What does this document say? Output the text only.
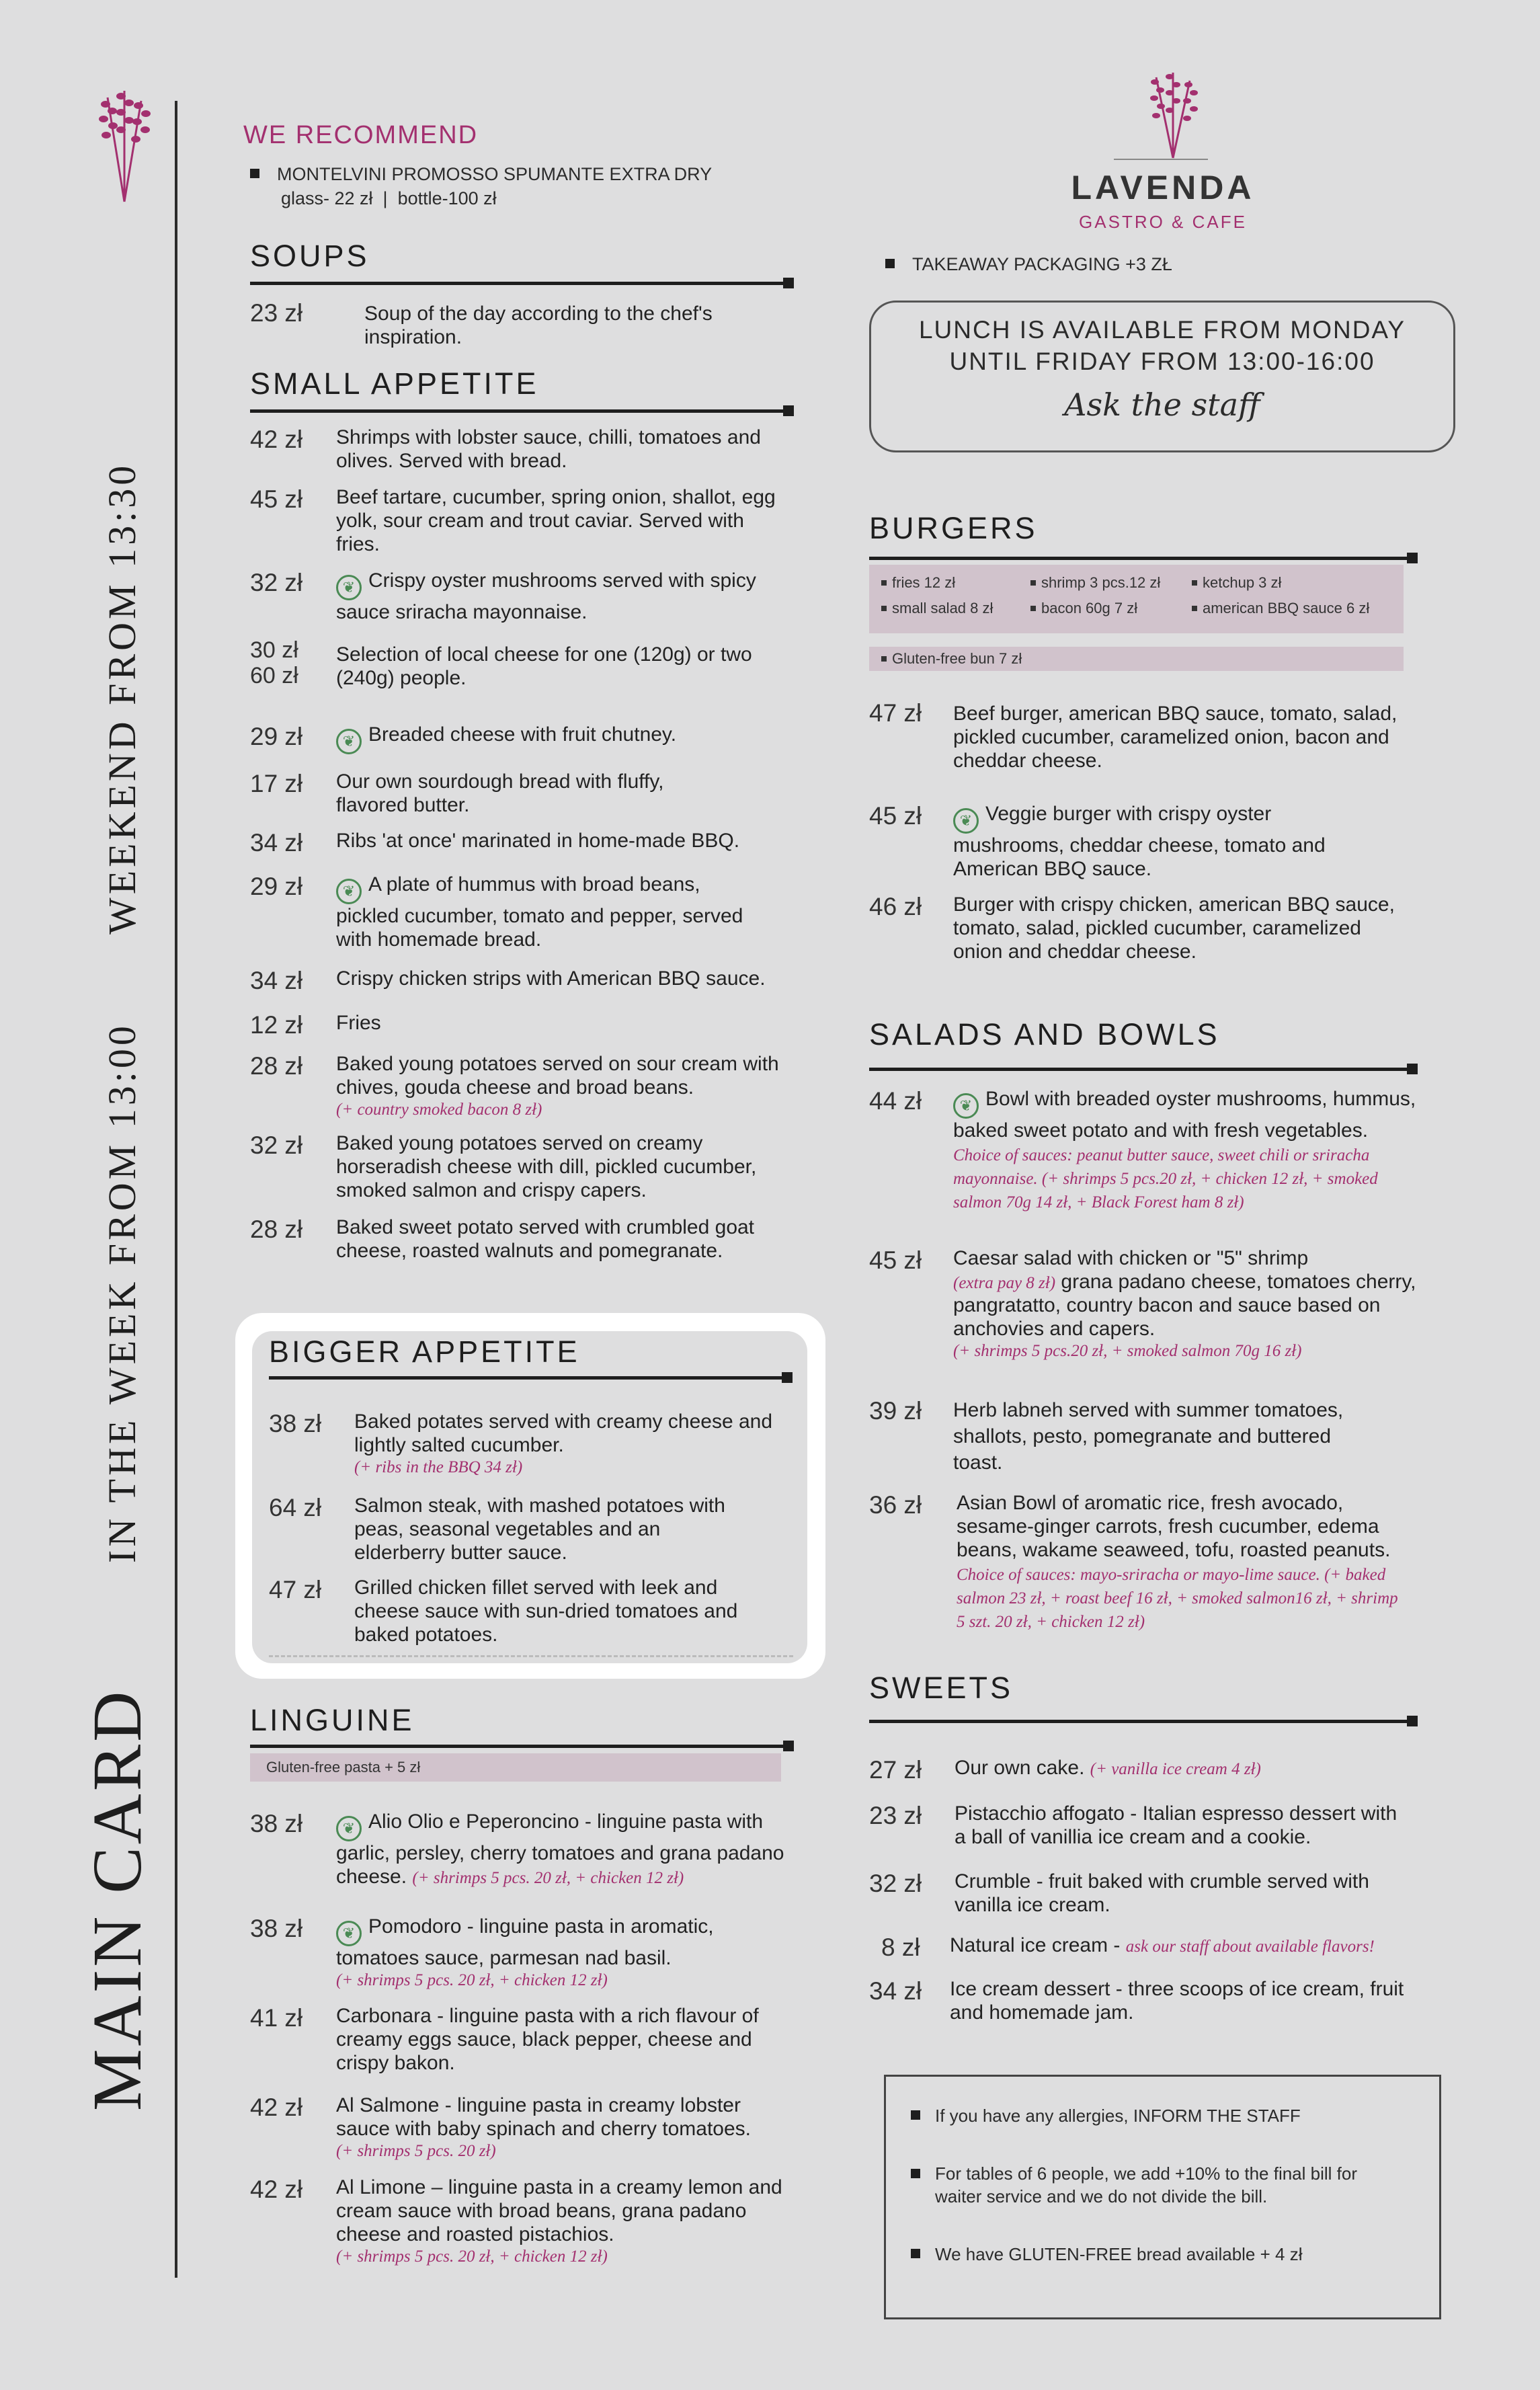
MAIN CARD
IN THE WEEK FROM 13:00
WEEKEND FROM 13:30
WE RECOMMEND
MONTELVINI PROMOSSO SPUMANTE EXTRA DRY
glass- 22 zł  |  bottle-100 zł
SOUPS
23 zł	Soup of the day according to the chef's inspiration.
SMALL APPETITE
42 zł Shrimps with lobster sauce, chilli, tomatoes and olives. Served with bread.
45 zł Beef tartare, cucumber, spring onion, shallot, egg yolk, sour cream and trout caviar. Served with fries.
32 zł	❦ Crispy oyster mushrooms served with spicy sauce sriracha mayonnaise.
30 zł
60 zł
Selection of local cheese for one (120g) or two (240g) people.
29 zł	❦ Breaded cheese with fruit chutney.
17 zł Our own sourdough bread with fluffy, flavored butter.
34 zł Ribs 'at once' marinated in home-made BBQ.
29 zł	❦ A plate of hummus with broad beans, pickled cucumber, tomato and pepper, served with homemade bread.
34 zł Crispy chicken strips with American BBQ sauce.
12 zł Fries
28 zł Baked young potatoes served on sour cream with chives, gouda cheese and broad beans.
(+ country smoked bacon 8 zł)
32 zł Baked young potatoes served on creamy horseradish cheese with dill, pickled cucumber, smoked salmon and crispy capers.
28 zł Baked sweet potato served with crumbled goat cheese, roasted walnuts and pomegranate.
BIGGER APPETITE
38 zł Baked potates served with creamy cheese and lightly salted cucumber.
(+ ribs in the BBQ 34 zł)
64 zł Salmon steak, with mashed potatoes with peas, seasonal vegetables and an elderberry butter sauce.
47 zł Grilled chicken fillet served with leek and cheese sauce with sun-dried tomatoes and baked potatoes.
LINGUINE
Gluten-free pasta + 5 zł
38 zł	❦ Alio Olio e Peperoncino - linguine pasta with garlic, persley, cherry tomatoes and grana padano cheese. (+ shrimps 5 pcs. 20 zł, + chicken 12 zł)
38 zł	❦ Pomodoro - linguine pasta in aromatic, tomatoes sauce, parmesan nad basil.
(+ shrimps 5 pcs. 20 zł, + chicken 12 zł)
41 zł Carbonara - linguine pasta with a rich flavour of creamy eggs sauce, black pepper, cheese and crispy bakon.
42 zł Al Salmone - linguine pasta in creamy lobster sauce with baby spinach and cherry tomatoes.
(+ shrimps 5 pcs. 20 zł)
42 zł Al Limone – linguine pasta in a creamy lemon and cream sauce with broad beans, grana padano cheese and roasted pistachios.
(+ shrimps 5 pcs. 20 zł, + chicken 12 zł)
LAVENDA
GASTRO & CAFE
TAKEAWAY PACKAGING +3 ZŁ
LUNCH IS AVAILABLE FROM MONDAY
UNTIL FRIDAY FROM 13:00-16:00
Ask the staff
BURGERS
fries 12 zł	shrimp 3 pcs.12 zł	ketchup 3 zł
small salad 8 zł	bacon 60g 7 zł	american BBQ sauce 6 zł
Gluten-free bun 7 zł
47 zł Beef burger, american BBQ sauce, tomato, salad, pickled cucumber, caramelized onion, bacon and cheddar cheese.
45 zł	❦ Veggie burger with crispy oyster mushrooms, cheddar cheese, tomato and American BBQ sauce.
46 zł Burger with crispy chicken, american BBQ sauce, tomato, salad, pickled cucumber, caramelized onion and cheddar cheese.
SALADS AND BOWLS
44 zł	❦ Bowl with breaded oyster mushrooms, hummus, baked sweet potato and with fresh vegetables. Choice of sauces: peanut butter sauce, sweet chili or sriracha mayonnaise. (+ shrimps 5 pcs.20 zł, + chicken 12 zł, + smoked salmon 70g 14 zł, + Black Forest ham 8 zł)
45 zł Caesar salad with chicken or "5" shrimp
(extra pay 8 zł) grana padano cheese, tomatoes cherry, pangratatto, country bacon and sauce based on anchovies and capers.
(+ shrimps 5 pcs.20 zł, + smoked salmon 70g 16 zł)
39 zł Herb labneh served with summer tomatoes, shallots, pesto, pomegranate and buttered toast.
36 zł Asian Bowl of aromatic rice, fresh avocado, sesame-ginger carrots, fresh cucumber, edema beans, wakame seaweed, tofu, roasted peanuts. Choice of sauces: mayo-sriracha or mayo-lime sauce. (+ baked salmon 23 zł, + roast beef 16 zł, + smoked salmon16 zł, + shrimp 5 szt. 20 zł, + chicken 12 zł)
SWEETS
27 zł Our own cake. (+ vanilla ice cream 4 zł)
23 zł Pistacchio affogato - Italian espresso dessert with a ball of vanillia ice cream and a cookie.
32 zł Crumble - fruit baked with crumble served with vanilla ice cream.
8 zł Natural ice cream - ask our staff about available flavors!
34 zł Ice cream dessert - three scoops of ice cream, fruit and homemade jam.
If you have any allergies, INFORM THE STAFF
For tables of 6 people, we add +10% to the final bill for waiter service and we do not divide the bill.
We have GLUTEN-FREE bread available + 4 zł
